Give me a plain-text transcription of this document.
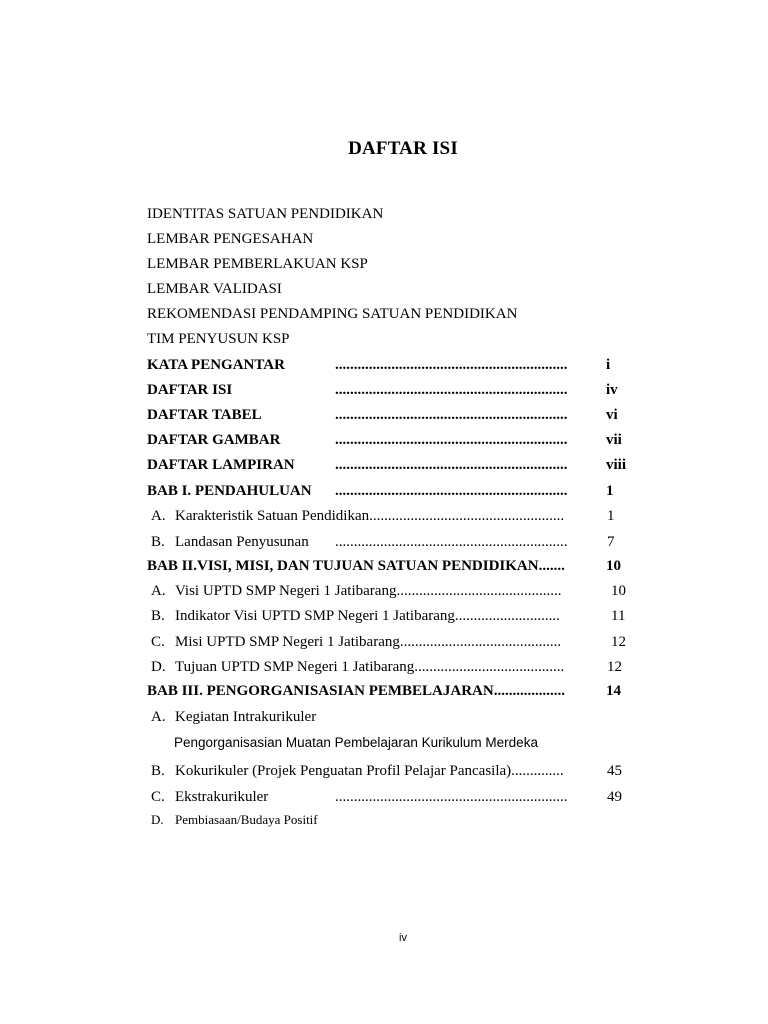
DAFTAR ISI
IDENTITAS SATUAN PENDIDIKAN
LEMBAR PENGESAHAN
LEMBAR PEMBERLAKUAN KSP
LEMBAR VALIDASI
REKOMENDASI PENDAMPING SATUAN PENDIDIKAN
TIM PENYUSUN KSP
KATA PENGANTAR	..............................................................	i
DAFTAR ISI	..............................................................	iv
DAFTAR TABEL	..............................................................	vi
DAFTAR GAMBAR	..............................................................	vii
DAFTAR LAMPIRAN	..............................................................	viii
BAB I. PENDAHULUAN ..............................................................	1
A. Karakteristik Satuan Pendidikan....................................................	1
B. Landasan Penyusunan ..............................................................	7
BAB II.VISI, MISI, DAN TUJUAN SATUAN PENDIDIKAN.......	10
A. Visi UPTD SMP Negeri 1 Jatibarang............................................	10
B. Indikator Visi UPTD SMP Negeri 1 Jatibarang............................	11
C. Misi UPTD SMP Negeri 1 Jatibarang...........................................	12
D. Tujuan UPTD SMP Negeri 1 Jatibarang........................................	12
BAB III. PENGORGANISASIAN PEMBELAJARAN...................	14
A. Kegiatan Intrakurikuler
Pengorganisasian Muatan Pembelajaran Kurikulum Merdeka
B. Kokurikuler (Projek Penguatan Profil Pelajar Pancasila)..............	45
C. Ekstrakurikuler	..............................................................	49
D. Pembiasaan/Budaya Positif
iv
